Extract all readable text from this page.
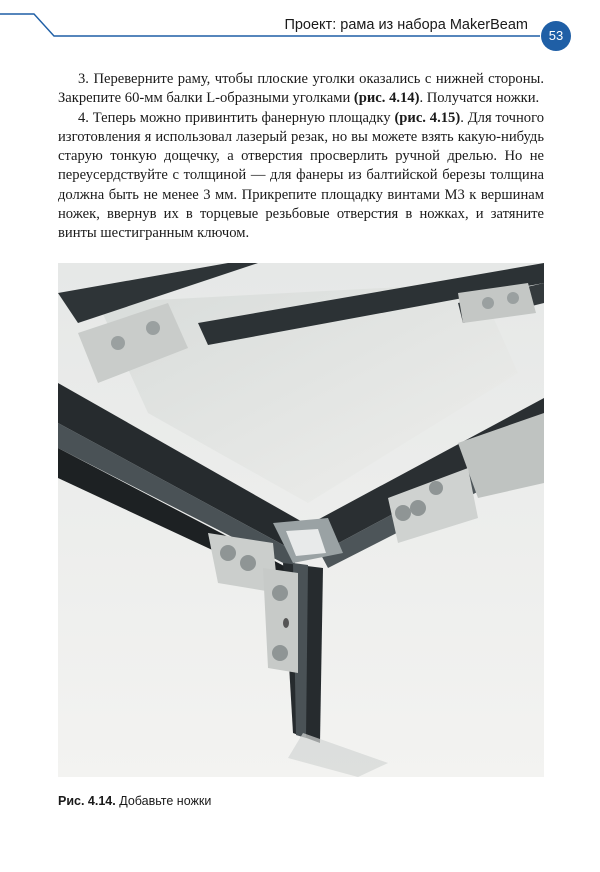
Проект: рама из набора MakerBeam
53

3. Переверните раму, чтобы плоские уголки оказались с нижней стороны. Закрепите 60-мм балки L-образными уголками (рис. 4.14). Получатся ножки.

4. Теперь можно привинтить фанерную площадку (рис. 4.15). Для точного изготовления я использовал лазерый резак, но вы можете взять какую-нибудь старую тонкую дощечку, а отверстия просверлить ручной дрелью. Но не переусердствуйте с толщиной — для фанеры из балтийской березы толщина должна быть не менее 3 мм. Прикрепите площадку винтами M3 к вершинам ножек, ввернув их в торцевые резьбовые отверстия в ножках, и затяните винты шестигранным ключом.

Рис. 4.14. Добавьте ножки
